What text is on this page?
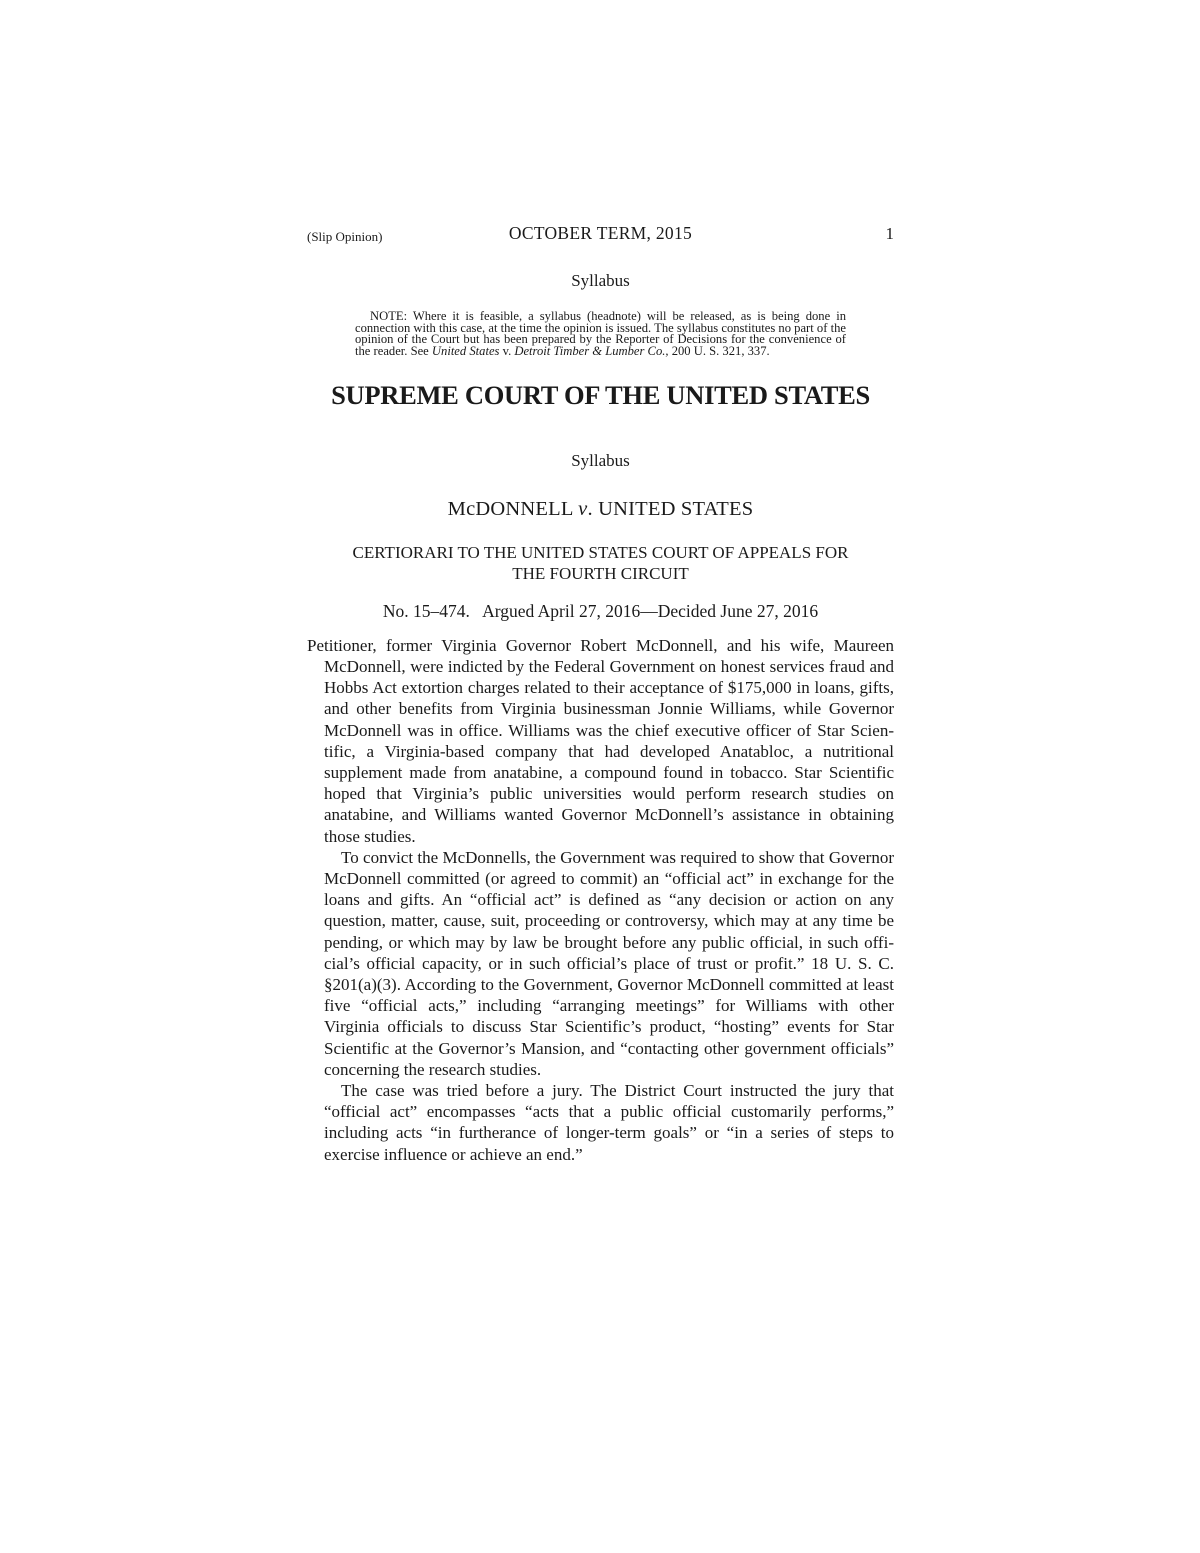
(Slip Opinion)	OCTOBER TERM, 2015	1
Syllabus
NOTE: Where it is feasible, a syllabus (headnote) will be released, as is being done in connection with this case, at the time the opinion is issued. The syllabus constitutes no part of the opinion of the Court but has been prepared by the Reporter of Decisions for the convenience of the reader. See United States v. Detroit Timber & Lumber Co., 200 U. S. 321, 337.
SUPREME COURT OF THE UNITED STATES
Syllabus
McDONNELL v. UNITED STATES
CERTIORARI TO THE UNITED STATES COURT OF APPEALS FOR
THE FOURTH CIRCUIT
No. 15–474.   Argued April 27, 2016—Decided June 27, 2016

Petitioner, former Virginia Governor Robert McDonnell, and his wife, Maureen McDonnell, were indicted by the Federal Government on honest services fraud and Hobbs Act extortion charges related to their acceptance of $175,000 in loans, gifts, and other benefits from Virginia businessman Jonnie Williams, while Governor McDonnell was in office. Williams was the chief executive officer of Star Scientific, a Virginia-based company that had developed Anatabloc, a nutritional supplement made from anatabine, a compound found in tobacco. Star Scientific hoped that Virginia’s public universities would perform research studies on anatabine, and Williams wanted Governor McDonnell’s assistance in obtaining those studies.

To convict the McDonnells, the Government was required to show that Governor McDonnell committed (or agreed to commit) an “official act” in exchange for the loans and gifts. An “official act” is defined as “any decision or action on any question, matter, cause, suit, proceeding or controversy, which may at any time be pending, or which may by law be brought before any public official, in such official’s official capacity, or in such official’s place of trust or profit.” 18 U. S. C. §201(a)(3). According to the Government, Governor McDonnell committed at least five “official acts,” including “arranging meetings” for Williams with other Virginia officials to discuss Star Scientific’s product, “hosting” events for Star Scientific at the Governor’s Mansion, and “contacting other government officials” concerning the research studies.

The case was tried before a jury. The District Court instructed the jury that “official act” encompasses “acts that a public official customarily performs,” including acts “in furtherance of longer-term goals” or “in a series of steps to exercise influence or achieve an end.”
